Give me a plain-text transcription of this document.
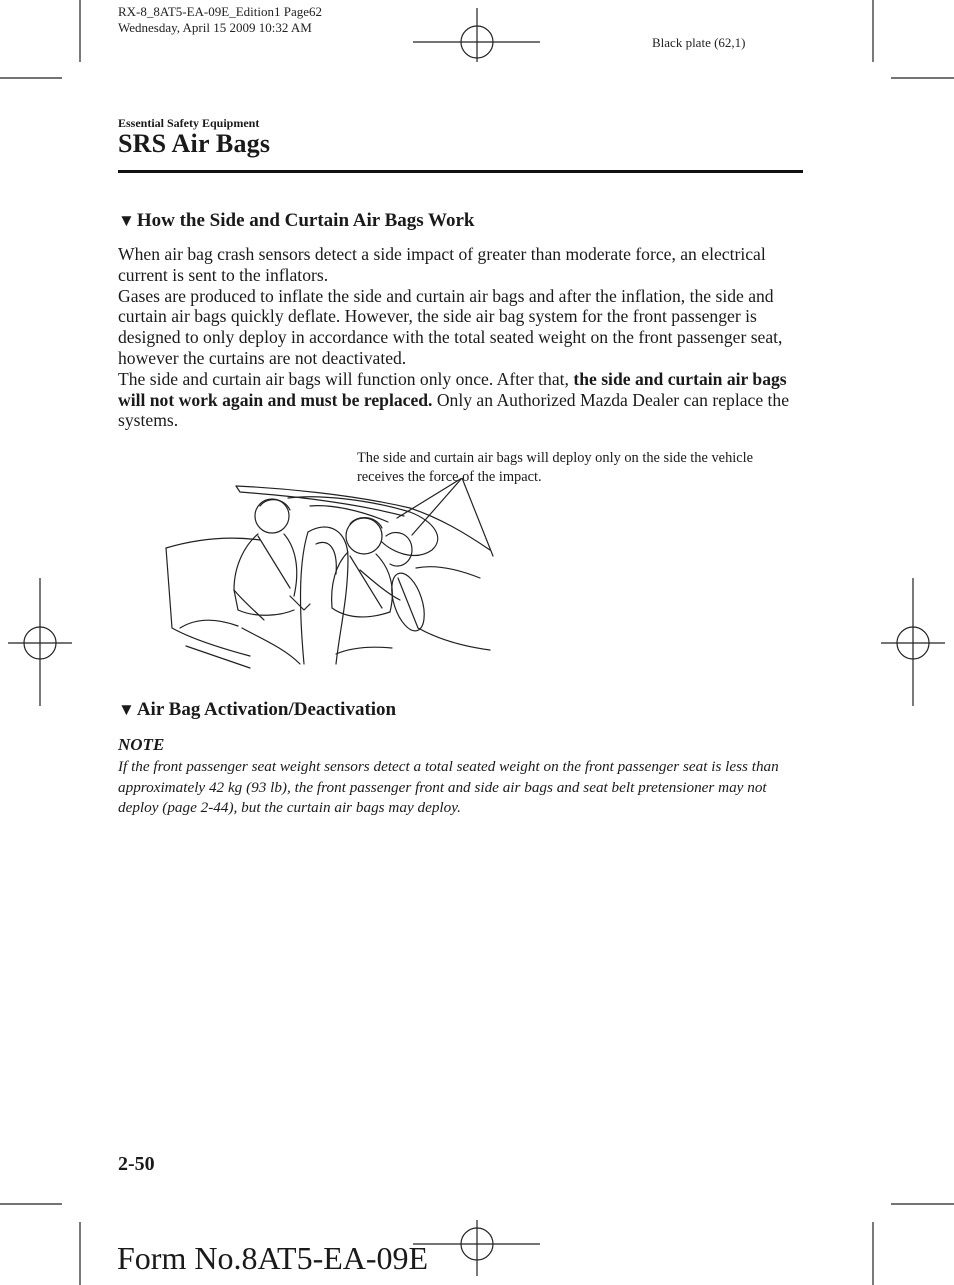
RX-8_8AT5-EA-09E_Edition1 Page62
Wednesday, April 15 2009 10:32 AM
Black plate (62,1)
Essential Safety Equipment
SRS Air Bags
▼ How the Side and Curtain Air Bags Work

When air bag crash sensors detect a side impact of greater than moderate force, an electrical current is sent to the inflators.

Gases are produced to inflate the side and curtain air bags and after the inflation, the side and curtain air bags quickly deflate. However, the side air bag system for the front passenger is designed to only deploy in accordance with the total seated weight on the front passenger seat, however the curtains are not deactivated.

The side and curtain air bags will function only once. After that, the side and curtain air bags will not work again and must be replaced. Only an Authorized Mazda Dealer can replace the systems.

The side and curtain air bags will deploy only on the side the vehicle receives the force of the impact.
▼ Air Bag Activation/Deactivation
NOTE
If the front passenger seat weight sensors detect a total seated weight on the front passenger seat is less than approximately 42 kg (93 lb), the front passenger front and side air bags and seat belt pretensioner may not deploy (page 2-44), but the curtain air bags may deploy.
2-50
Form No.8AT5-EA-09E
